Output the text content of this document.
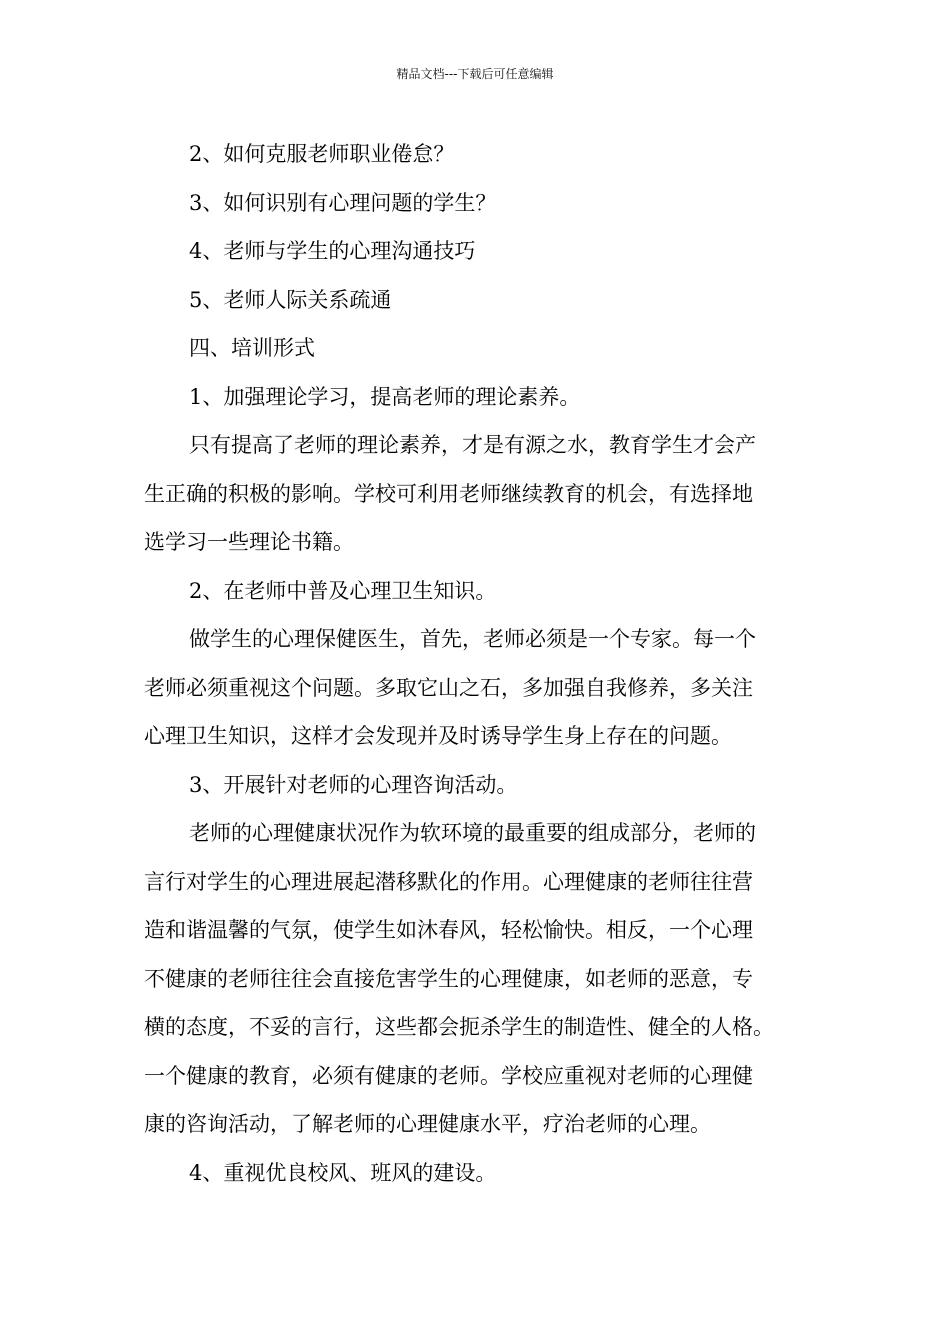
精品文档---下载后可任意编辑
2、如何克服老师职业倦怠？
3、如何识别有心理问题的学生？
4、老师与学生的心理沟通技巧
5、老师人际关系疏通
四、培训形式
1、加强理论学习，提高老师的理论素养。
只有提高了老师的理论素养，才是有源之水，教育学生才会产
生正确的积极的影响。学校可利用老师继续教育的机会，有选择地
选学习一些理论书籍。
2、在老师中普及心理卫生知识。
做学生的心理保健医生，首先，老师必须是一个专家。每一个
老师必须重视这个问题。多取它山之石，多加强自我修养，多关注
心理卫生知识，这样才会发现并及时诱导学生身上存在的问题。
3、开展针对老师的心理咨询活动。
老师的心理健康状况作为软环境的最重要的组成部分，老师的
言行对学生的心理进展起潜移默化的作用。心理健康的老师往往营
造和谐温馨的气氛，使学生如沐春风，轻松愉快。相反，一个心理
不健康的老师往往会直接危害学生的心理健康，如老师的恶意，专
横的态度，不妥的言行，这些都会扼杀学生的制造性、健全的人格。
一个健康的教育，必须有健康的老师。学校应重视对老师的心理健
康的咨询活动，了解老师的心理健康水平，疗治老师的心理。
4、重视优良校风、班风的建设。
